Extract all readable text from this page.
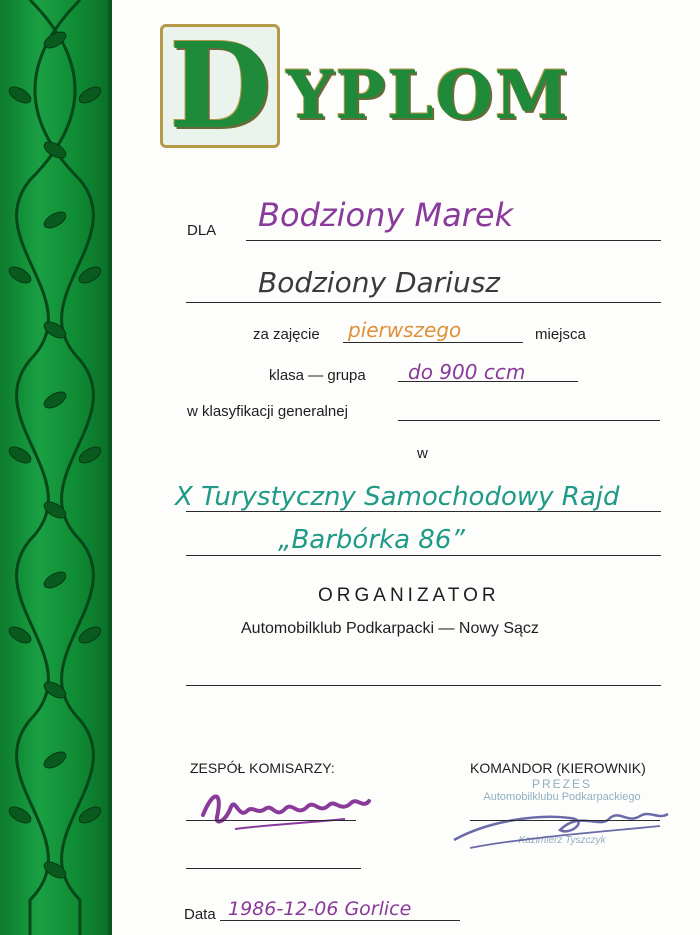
D YPLOM
DLA Bodziony Marek
Bodziony Dariusz
za zajęcie pierwszego	miejsca
klasa — grupa do 900 ccm
w klasyfikacji generalnej
w
X Turystyczny Samochodowy Rajd
„Barbórka 86”
ORGANIZATOR
Automobilklub Podkarpacki — Nowy Sącz
ZESPÓŁ KOMISARZY:	KOMANDOR (KIEROWNIK)
PREZES
Automobilklubu Podkarpackiego
Kazimierz Tyszczyk
Data 1986-12-06 Gorlice
